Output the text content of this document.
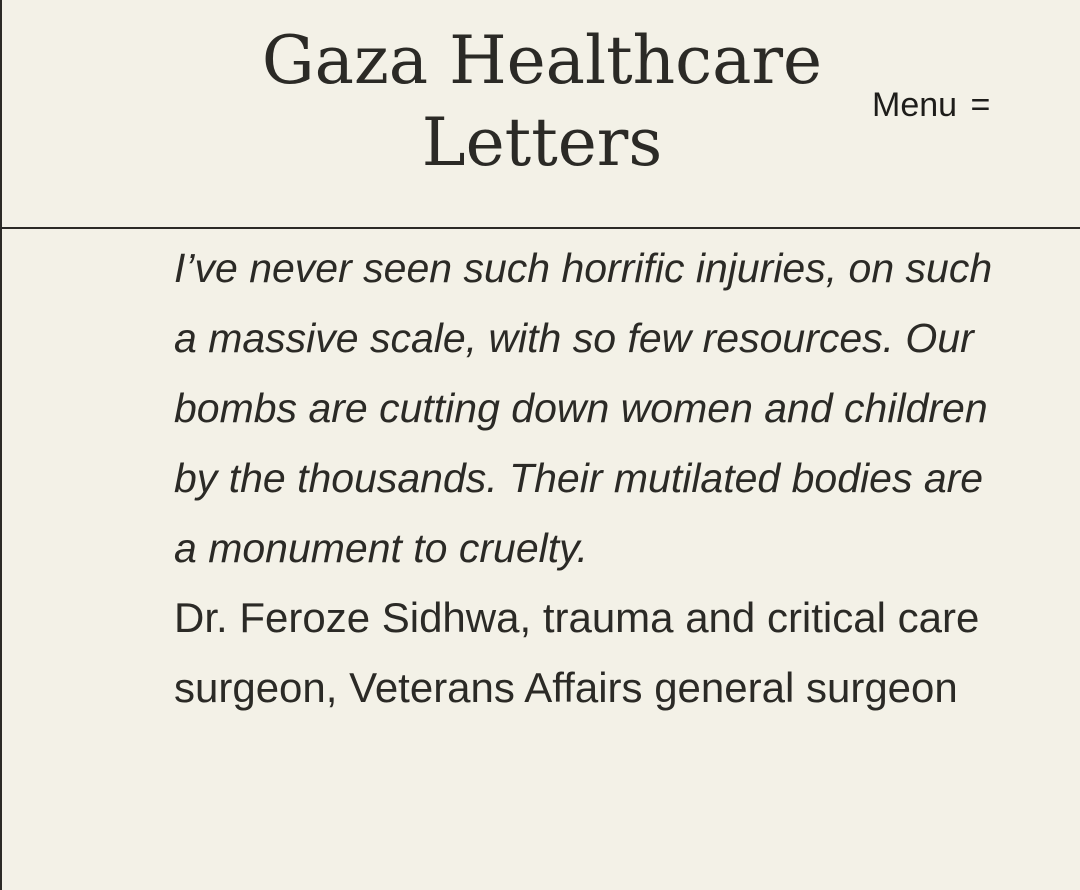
Gaza Healthcare Letters	Menu =

I’ve never seen such horrific injuries, on such a massive scale, with so few resources. Our bombs are cutting down women and children by the thousands. Their mutilated bodies are a monument to cruelty.

Dr. Feroze Sidhwa, trauma and critical care surgeon, Veterans Affairs general surgeon
